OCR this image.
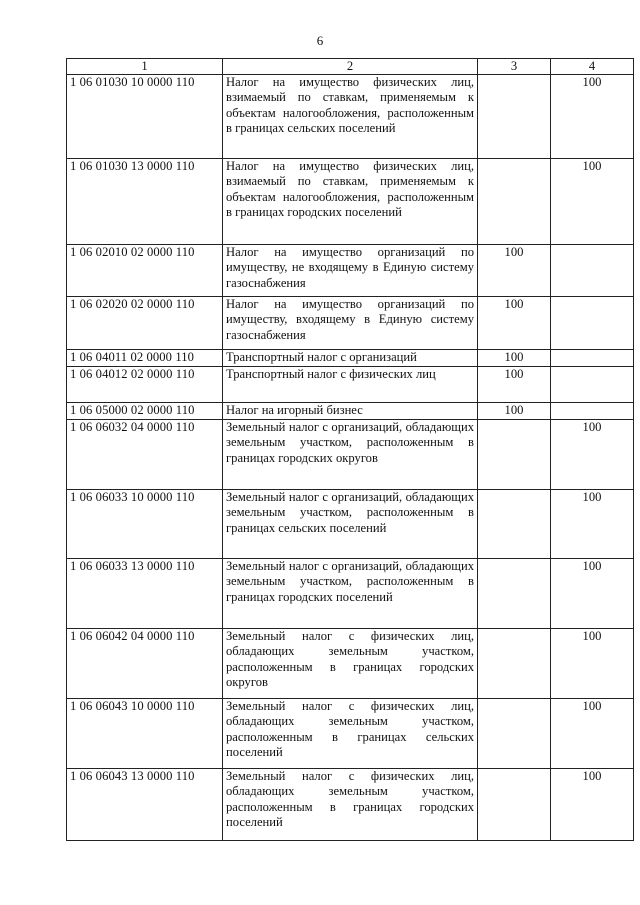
6
1	2	3	4
1 06 01030 10 0000 110	Налог на имущество физических лиц, взимаемый по ставкам, применяемым к объектам налогообложения, расположенным в границах сельских поселений		100
1 06 01030 13 0000 110	Налог на имущество физических лиц, взимаемый по ставкам, применяемым к объектам налогообложения, расположенным в границах городских поселений		100
1 06 02010 02 0000 110	Налог на имущество организаций по имуществу, не входящему в Единую систему газоснабжения	100	
1 06 02020 02 0000 110	Налог на имущество организаций по имуществу, входящему в Единую систему газоснабжения	100	
1 06 04011 02 0000 110	Транспортный налог с организаций	100	
1 06 04012 02 0000 110	Транспортный налог с физических лиц	100	
1 06 05000 02 0000 110	Налог на игорный бизнес	100	
1 06 06032 04 0000 110	Земельный налог с организаций, обладающих земельным участком, расположенным в границах городских округов		100
1 06 06033 10 0000 110	Земельный налог с организаций, обладающих земельным участком, расположенным в границах сельских поселений		100
1 06 06033 13 0000 110	Земельный налог с организаций, обладающих земельным участком, расположенным в границах городских поселений		100
1 06 06042 04 0000 110	Земельный налог с физических лиц, обладающих земельным участком, расположенным в границах городских округов		100
1 06 06043 10 0000 110	Земельный налог с физических лиц, обладающих земельным участком, расположенным в границах сельских поселений		100
1 06 06043 13 0000 110	Земельный налог с физических лиц, обладающих земельным участком, расположенным в границах городских поселений		100
